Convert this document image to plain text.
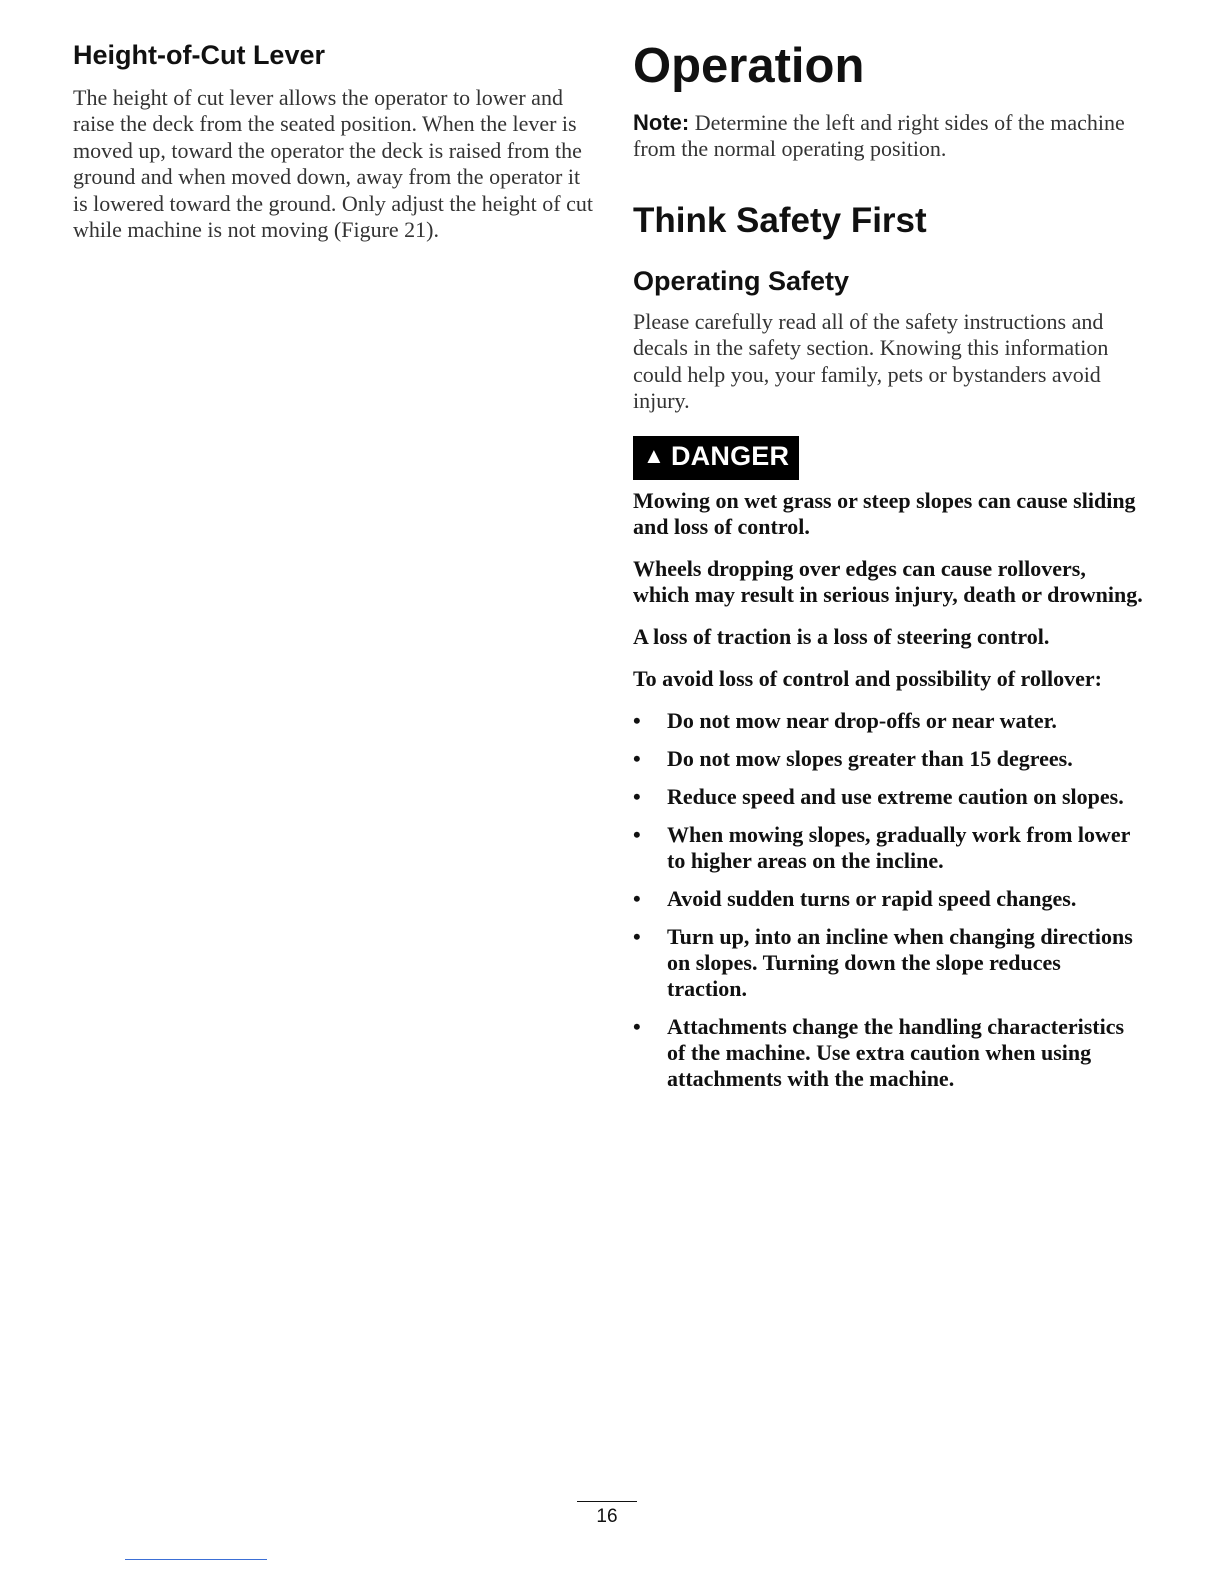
Height-of-Cut Lever

The height of cut lever allows the operator to lower and raise the deck from the seated position. When the lever is moved up, toward the operator the deck is raised from the ground and when moved down, away from the operator it is lowered toward the ground. Only adjust the height of cut while machine is not moving (Figure 21).

Operation

Note: Determine the left and right sides of the machine from the normal operating position.

Think Safety First
Operating Safety

Please carefully read all of the safety instructions and decals in the safety section. Knowing this information could help you, your family, pets or bystanders avoid injury.

▲ DANGER

Mowing on wet grass or steep slopes can cause sliding and loss of control.

Wheels dropping over edges can cause rollovers, which may result in serious injury, death or drowning.

A loss of traction is a loss of steering control.

To avoid loss of control and possibility of rollover:

• Do not mow near drop-offs or near water.
• Do not mow slopes greater than 15 degrees.
• Reduce speed and use extreme caution on slopes.
• When mowing slopes, gradually work from lower to higher areas on the incline.
• Avoid sudden turns or rapid speed changes.
• Turn up, into an incline when changing directions on slopes. Turning down the slope reduces traction.
• Attachments change the handling characteristics of the machine. Use extra caution when using attachments with the machine.
16
